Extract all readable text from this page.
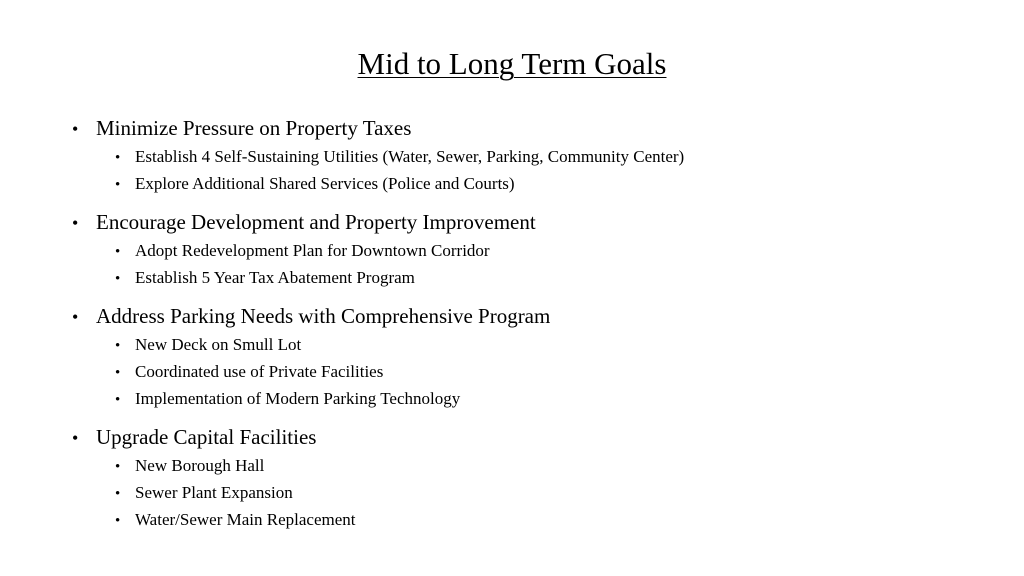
Mid to Long Term Goals
• Minimize Pressure on Property Taxes
• Establish 4 Self-Sustaining Utilities (Water, Sewer, Parking, Community Center)
• Explore Additional Shared Services (Police and Courts)
• Encourage Development and Property Improvement
• Adopt Redevelopment Plan for Downtown Corridor
• Establish 5 Year Tax Abatement Program
• Address Parking Needs with Comprehensive Program
• New Deck on Smull Lot
• Coordinated use of Private Facilities
• Implementation of Modern Parking Technology
• Upgrade Capital Facilities
• New Borough Hall
• Sewer Plant Expansion
• Water/Sewer Main Replacement
